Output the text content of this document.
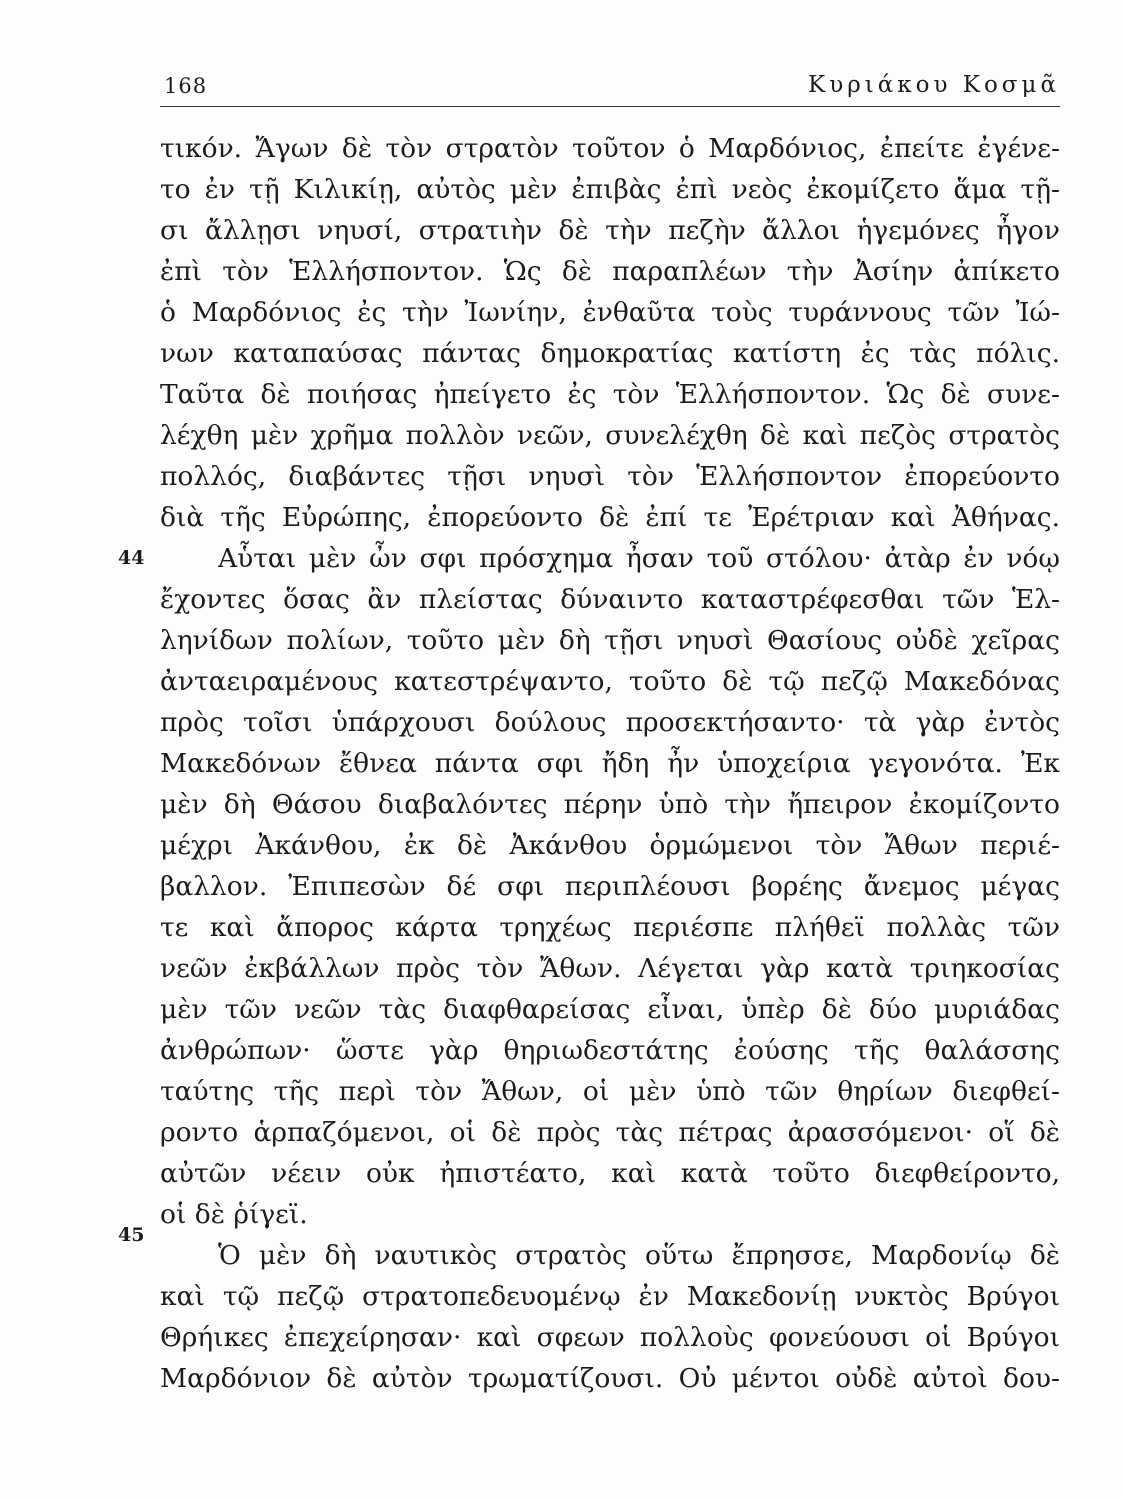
168	Κυριάκου Κοσμᾶ
44
45
τικόν. Ἄγων δὲ τὸν στρατὸν τοῦτον ὁ Μαρδόνιος, ἐπείτε ἐγένε-
το ἐν τῇ Κιλικίῃ, αὐτὸς μὲν ἐπιβὰς ἐπὶ νεὸς ἐκομίζετο ἅμα τῇ-
σι ἄλλῃσι νηυσί, στρατιὴν δὲ τὴν πεζὴν ἄλλοι ἡγεμόνες ἦγον
ἐπὶ τὸν Ἑλλήσποντον. Ὡς δὲ παραπλέων τὴν Ἀσίην ἀπίκετο
ὁ Μαρδόνιος ἐς τὴν Ἰωνίην, ἐνθαῦτα τοὺς τυράννους τῶν Ἰώ-
νων καταπαύσας πάντας δημοκρατίας κατίστη ἐς τὰς πόλις.
Ταῦτα δὲ ποιήσας ἠπείγετο ἐς τὸν Ἑλλήσποντον. Ὡς δὲ συνε-
λέχθη μὲν χρῆμα πολλὸν νεῶν, συνελέχθη δὲ καὶ πεζὸς στρατὸς
πολλός, διαβάντες τῇσι νηυσὶ τὸν Ἑλλήσποντον ἐπορεύοντο
διὰ τῆς Εὐρώπης, ἐπορεύοντο δὲ ἐπί τε Ἐρέτριαν καὶ Ἀθήνας.
Αὗται μὲν ὦν σφι πρόσχημα ἦσαν τοῦ στόλου· ἀτὰρ ἐν νόῳ
ἔχοντες ὅσας ἂν πλείστας δύναιντο καταστρέφεσθαι τῶν Ἑλ-
ληνίδων πολίων, τοῦτο μὲν δὴ τῇσι νηυσὶ Θασίους οὐδὲ χεῖρας
ἀνταειραμένους κατεστρέψαντο, τοῦτο δὲ τῷ πεζῷ Μακεδόνας
πρὸς τοῖσι ὑπάρχουσι δούλους προσεκτήσαντο· τὰ γὰρ ἐντὸς
Μακεδόνων ἔθνεα πάντα σφι ἤδη ἦν ὑποχείρια γεγονότα. Ἐκ
μὲν δὴ Θάσου διαβαλόντες πέρην ὑπὸ τὴν ἤπειρον ἐκομίζοντο
μέχρι Ἀκάνθου, ἐκ δὲ Ἀκάνθου ὁρμώμενοι τὸν Ἄθων περιέ-
βαλλον. Ἐπιπεσὼν δέ σφι περιπλέουσι βορέης ἄνεμος μέγας
τε καὶ ἄπορος κάρτα τρηχέως περιέσπε πλήθεϊ πολλὰς τῶν
νεῶν ἐκβάλλων πρὸς τὸν Ἄθων. Λέγεται γὰρ κατὰ τριηκοσίας
μὲν τῶν νεῶν τὰς διαφθαρείσας εἶναι, ὑπὲρ δὲ δύο μυριάδας
ἀνθρώπων· ὥστε γὰρ θηριωδεστάτης ἐούσης τῆς θαλάσσης
ταύτης τῆς περὶ τὸν Ἄθων, οἱ μὲν ὑπὸ τῶν θηρίων διεφθεί-
ροντο ἁρπαζόμενοι, οἱ δὲ πρὸς τὰς πέτρας ἀρασσόμενοι· οἵ δὲ
αὐτῶν νέειν οὐκ ἠπιστέατο, καὶ κατὰ τοῦτο διεφθείροντο,
οἱ δὲ ῥίγεϊ.
Ὁ μὲν δὴ ναυτικὸς στρατὸς οὕτω ἔπρησσε, Μαρδονίῳ δὲ
καὶ τῷ πεζῷ στρατοπεδευομένῳ ἐν Μακεδονίῃ νυκτὸς Βρύγοι
Θρήικες ἐπεχείρησαν· καὶ σφεων πολλοὺς φονεύουσι οἱ Βρύγοι
Μαρδόνιον δὲ αὐτὸν τρωματίζουσι. Οὐ μέντοι οὐδὲ αὐτοὶ δου-
